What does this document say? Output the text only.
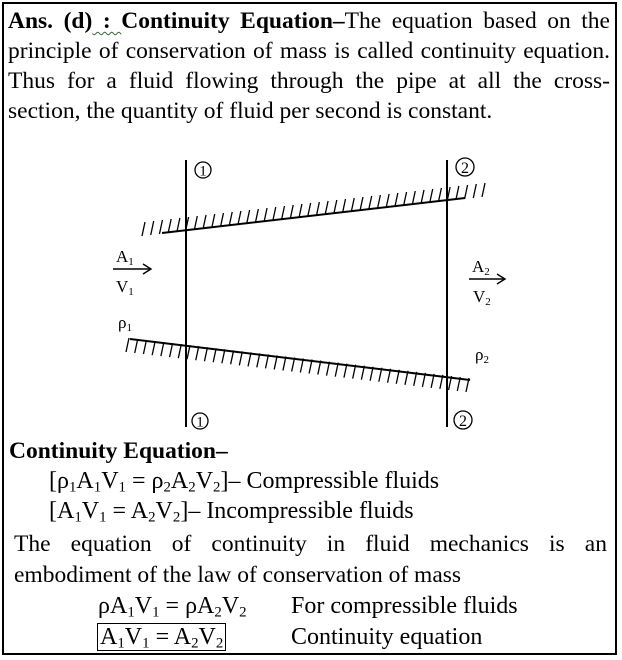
Ans. (d) : Continuity Equation–The equation based on the principle of conservation of mass is called continuity equation. Thus for a fluid flowing through the pipe at all the cross-section, the quantity of fluid per second is constant.
1	2
1	2
A1
V1
ρ1
A2
V2
ρ2
Continuity Equation–
$[\rho_1A_1V_1 = \rho_2A_2V_2]-$ Compressible fluids
$[A_1V_1 = A_2V_2]-$ Incompressible fluids
The equation of continuity in fluid mechanics is an embodiment of the law of conservation of mass
$\rho A_1V_1 = \rho A_2V_2$ For compressible fluids
$A_1V_1 = A_2V_2$	Continuity equation
